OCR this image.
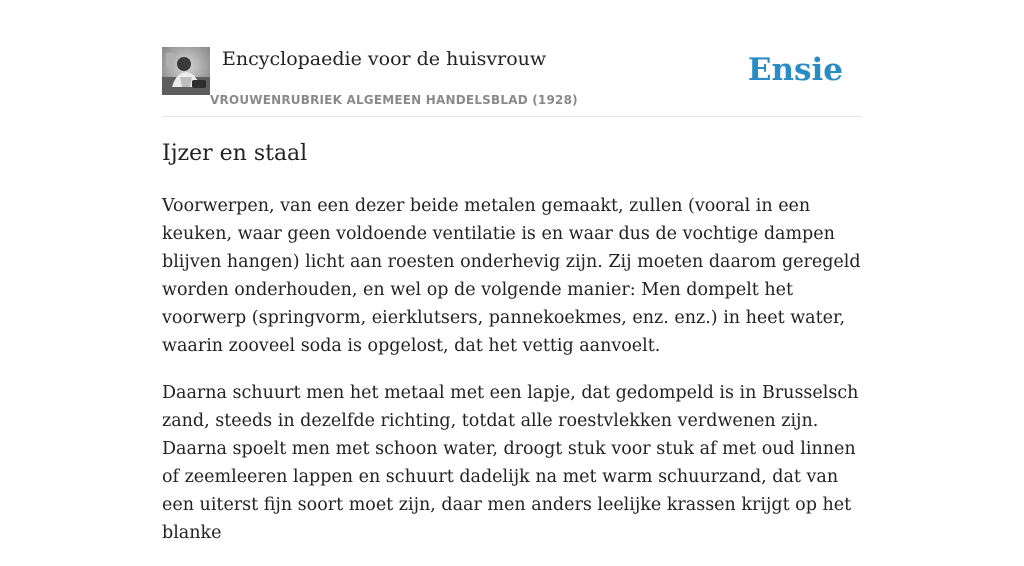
Encyclopaedie voor de huisvrouw
VROUWENRUBRIEK ALGEMEEN HANDELSBLAD (1928)
Ensie
Ijzer en staal

Voorwerpen, van een dezer beide metalen gemaakt, zullen (vooral in een keuken, waar geen voldoende ventilatie is en waar dus de vochtige dampen blijven hangen) licht aan roesten onderhevig zijn. Zij moeten daarom geregeld worden onderhouden, en wel op de volgende manier: Men dompelt het voorwerp (springvorm, eierklutsers, pannekoekmes, enz. enz.) in heet water, waarin zooveel soda is opgelost, dat het vettig aanvoelt.

Daarna schuurt men het metaal met een lapje, dat gedompeld is in Brusselsch zand, steeds in dezelfde richting, totdat alle roestvlekken verdwenen zijn. Daarna spoelt men met schoon water, droogt stuk voor stuk af met oud linnen of zeemleeren lappen en schuurt dadelijk na met warm schuurzand, dat van een uiterst fijn soort moet zijn, daar men anders leelijke krassen krijgt op het blanke
